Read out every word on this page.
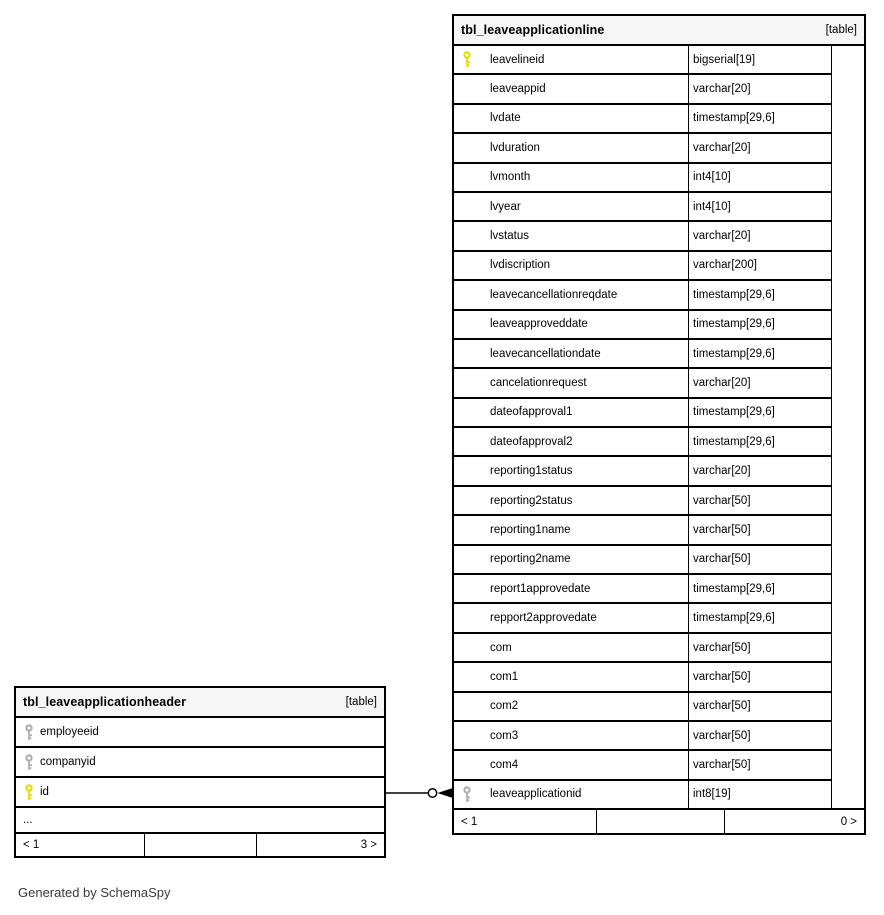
tbl_leaveapplicationline	[table]
leavelineid	bigserial[19]
leaveappid	varchar[20]
lvdate	timestamp[29,6]
lvduration	varchar[20]
lvmonth	int4[10]
lvyear	int4[10]
lvstatus	varchar[20]
lvdiscription	varchar[200]
leavecancellationreqdate	timestamp[29,6]
leaveapproveddate	timestamp[29,6]
leavecancellationdate	timestamp[29,6]
cancelationrequest	varchar[20]
dateofapproval1	timestamp[29,6]
dateofapproval2	timestamp[29,6]
reporting1status	varchar[20]
reporting2status	varchar[50]
reporting1name	varchar[50]
reporting2name	varchar[50]
report1approvedate	timestamp[29,6]
repport2approvedate	timestamp[29,6]
com	varchar[50]
com1	varchar[50]
com2	varchar[50]
com3	varchar[50]
com4	varchar[50]
leaveapplicationid	int8[19]
< 1	0 >
tbl_leaveapplicationheader	[table]
employeeid
companyid
id
...
< 1	3 >
Generated by SchemaSpy
